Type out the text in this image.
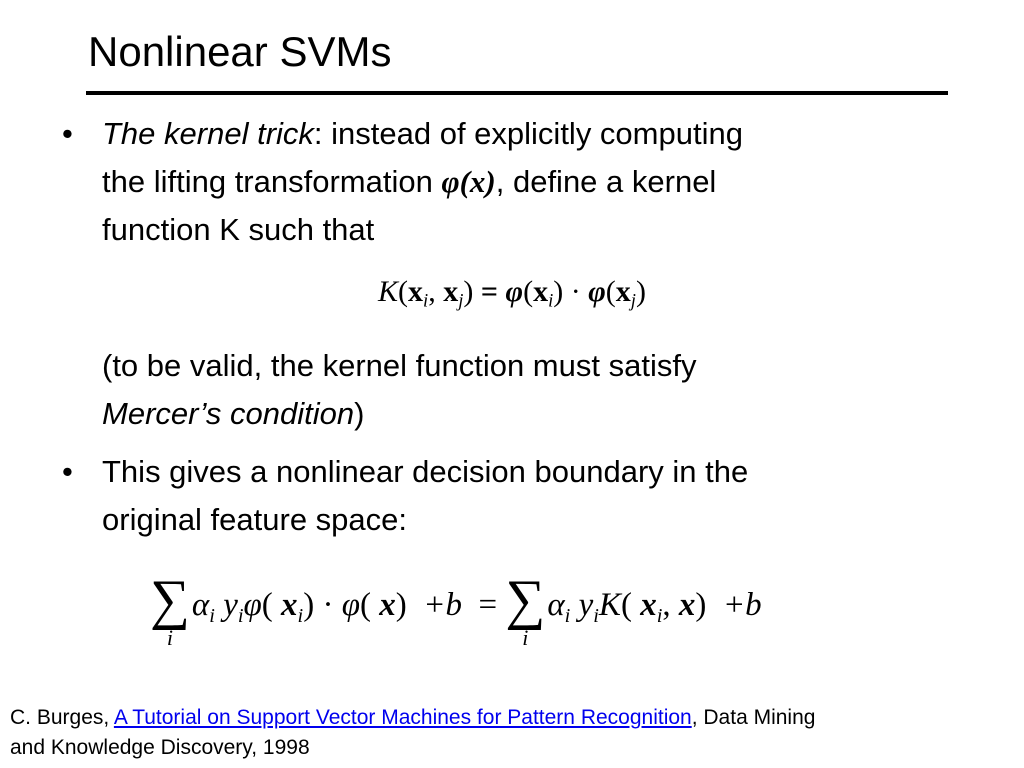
Nonlinear SVMs
• The kernel trick: instead of explicitly computing
the lifting transformation φ(x), define a kernel
function K such that

$K(x_i$, $x_j) = \varphi(x_i) \cdot \varphi(x_j)$

(to be valid, the kernel function must satisfy
Mercer’s condition)

• This gives a nonlinear decision boundary in the
original feature space:

∑
i
$\alpha_i$ $y_i\varphi$( $x_i) \cdot \varphi$( x)  +b = ∑
i
$\alpha_i$ $y_iK$( $x_i$, x)  +b
C. Burges, A Tutorial on Support Vector Machines for Pattern Recognition, Data Mining
and Knowledge Discovery, 1998
